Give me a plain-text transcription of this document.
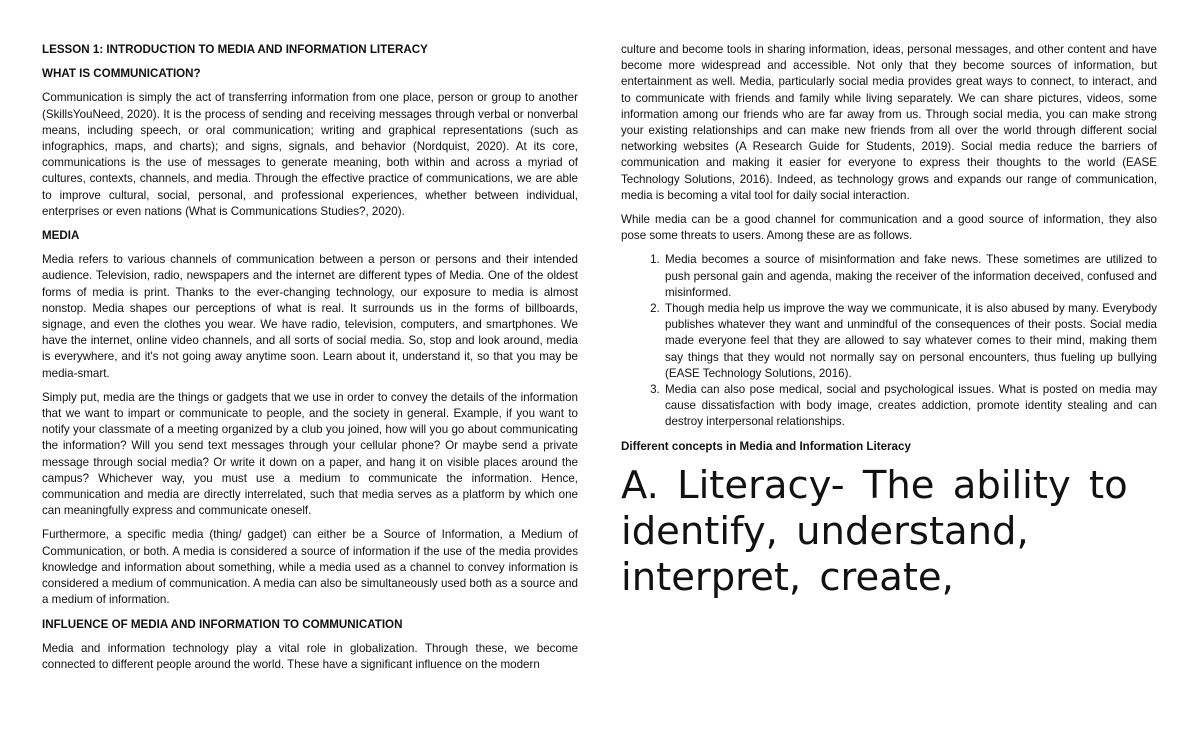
LESSON 1: INTRODUCTION TO MEDIA AND INFORMATION LITERACY
WHAT IS COMMUNICATION?

Communication is simply the act of transferring information from one place, person or group to another (SkillsYouNeed, 2020). It is the process of sending and receiving messages through verbal or nonverbal means, including speech, or oral communication; writing and graphical representations (such as infographics, maps, and charts); and signs, signals, and behavior (Nordquist, 2020). At its core, communications is the use of messages to generate meaning, both within and across a myriad of cultures, contexts, channels, and media. Through the effective practice of communications, we are able to improve cultural, social, personal, and professional experiences, whether between individual, enterprises or even nations (What is Communications Studies?, 2020).

MEDIA

Media refers to various channels of communication between a person or persons and their intended audience. Television, radio, newspapers and the internet are different types of Media. One of the oldest forms of media is print. Thanks to the ever-changing technology, our exposure to media is almost nonstop. Media shapes our perceptions of what is real. It surrounds us in the forms of billboards, signage, and even the clothes you wear. We have radio, television, computers, and smartphones. We have the internet, online video channels, and all sorts of social media. So, stop and look around, media is everywhere, and it's not going away anytime soon. Learn about it, understand it, so that you may be media-smart.

Simply put, media are the things or gadgets that we use in order to convey the details of the information that we want to impart or communicate to people, and the society in general. Example, if you want to notify your classmate of a meeting organized by a club you joined, how will you go about communicating the information? Will you send text messages through your cellular phone? Or maybe send a private message through social media? Or write it down on a paper, and hang it on visible places around the campus? Whichever way, you must use a medium to communicate the information. Hence, communication and media are directly interrelated, such that media serves as a platform by which one can meaningfully express and communicate oneself.

Furthermore, a specific media (thing/ gadget) can either be a Source of Information, a Medium of Communication, or both. A media is considered a source of information if the use of the media provides knowledge and information about something, while a media used as a channel to convey information is considered a medium of communication. A media can also be simultaneously used both as a source and a medium of information.

INFLUENCE OF MEDIA AND INFORMATION TO COMMUNICATION

Media and information technology play a vital role in globalization. Through these, we become connected to different people around the world. These have a significant influence on the modern

culture and become tools in sharing information, ideas, personal messages, and other content and have become more widespread and accessible. Not only that they become sources of information, but entertainment as well. Media, particularly social media provides great ways to connect, to interact, and to communicate with friends and family while living separately. We can share pictures, videos, some information among our friends who are far away from us. Through social media, you can make strong your existing relationships and can make new friends from all over the world through different social networking websites (A Research Guide for Students, 2019). Social media reduce the barriers of communication and making it easier for everyone to express their thoughts to the world (EASE Technology Solutions, 2016). Indeed, as technology grows and expands our range of communication, media is becoming a vital tool for daily social interaction.

While media can be a good channel for communication and a good source of information, they also pose some threats to users. Among these are as follows.

1. Media becomes a source of misinformation and fake news. These sometimes are utilized to push personal gain and agenda, making the receiver of the information deceived, confused and misinformed.
2. Though media help us improve the way we communicate, it is also abused by many. Everybody publishes whatever they want and unmindful of the consequences of their posts. Social media made everyone feel that they are allowed to say whatever comes to their mind, making them say things that they would not normally say on personal encounters, thus fueling up bullying (EASE Technology Solutions, 2016).
3. Media can also pose medical, social and psychological issues. What is posted on media may cause dissatisfaction with body image, creates addiction, promote identity stealing and can destroy interpersonal relationships.
Different concepts in Media and Information Literacy
A. Literacy- The ability to identify, understand, interpret, create,
